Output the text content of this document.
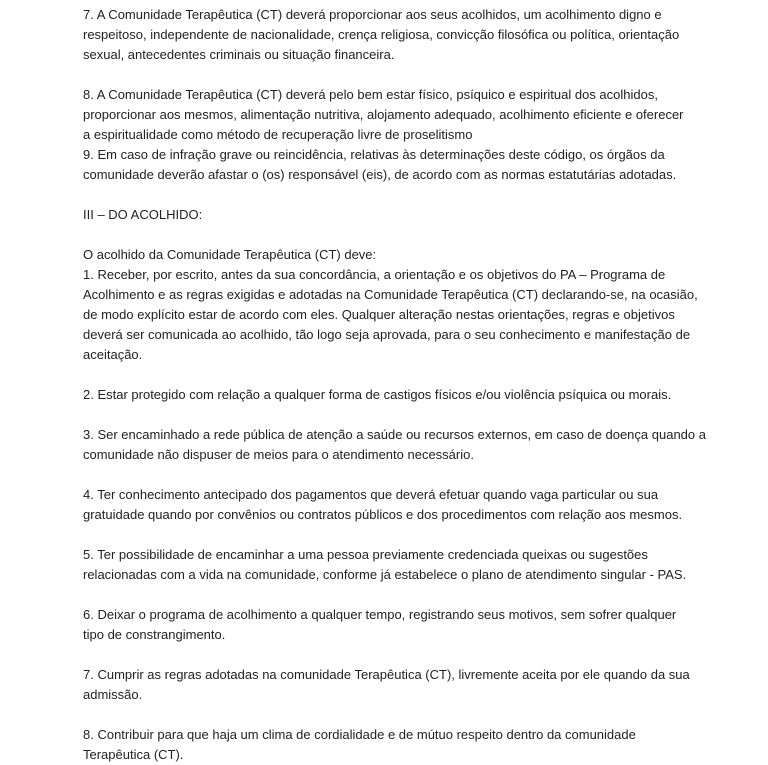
7. A Comunidade Terapêutica (CT) deverá proporcionar aos seus acolhidos, um acolhimento digno e
respeitoso, independente de nacionalidade, crença religiosa, convicção filosófica ou política, orientação
sexual, antecedentes criminais ou situação financeira.

8. A Comunidade Terapêutica (CT) deverá pelo bem estar físico, psíquico e espiritual dos acolhidos,
proporcionar aos mesmos, alimentação nutritiva, alojamento adequado, acolhimento eficiente e oferecer
a espiritualidade como método de recuperação livre de proselitismo
9. Em caso de infração grave ou reincidência, relativas às determinações deste código, os órgãos da
comunidade deverão afastar o (os) responsável (eis), de acordo com as normas estatutárias adotadas.

III – DO ACOLHIDO:

O acolhido da Comunidade Terapêutica (CT) deve:
1. Receber, por escrito, antes da sua concordância, a orientação e os objetivos do PA – Programa de
Acolhimento e as regras exigidas e adotadas na Comunidade Terapêutica (CT) declarando-se, na ocasião,
de modo explícito estar de acordo com eles. Qualquer alteração nestas orientações, regras e objetivos
deverá ser comunicada ao acolhido, tão logo seja aprovada, para o seu conhecimento e manifestação de
aceitação.

2. Estar protegido com relação a qualquer forma de castigos físicos e/ou violência psíquica ou morais.

3. Ser encaminhado a rede pública de atenção a saúde ou recursos externos, em caso de doença quando a
comunidade não dispuser de meios para o atendimento necessário.

4. Ter conhecimento antecipado dos pagamentos que deverá efetuar quando vaga particular ou sua
gratuidade quando por convênios ou contratos públicos e dos procedimentos com relação aos mesmos.

5. Ter possibilidade de encaminhar a uma pessoa previamente credenciada queixas ou sugestões
relacionadas com a vida na comunidade, conforme já estabelece o plano de atendimento singular - PAS.

6. Deixar o programa de acolhimento a qualquer tempo, registrando seus motivos, sem sofrer qualquer
tipo de constrangimento.

7. Cumprir as regras adotadas na comunidade Terapêutica (CT), livremente aceita por ele quando da sua
admissão.

8. Contribuir para que haja um clima de cordialidade e de mútuo respeito dentro da comunidade
Terapêutica (CT).
